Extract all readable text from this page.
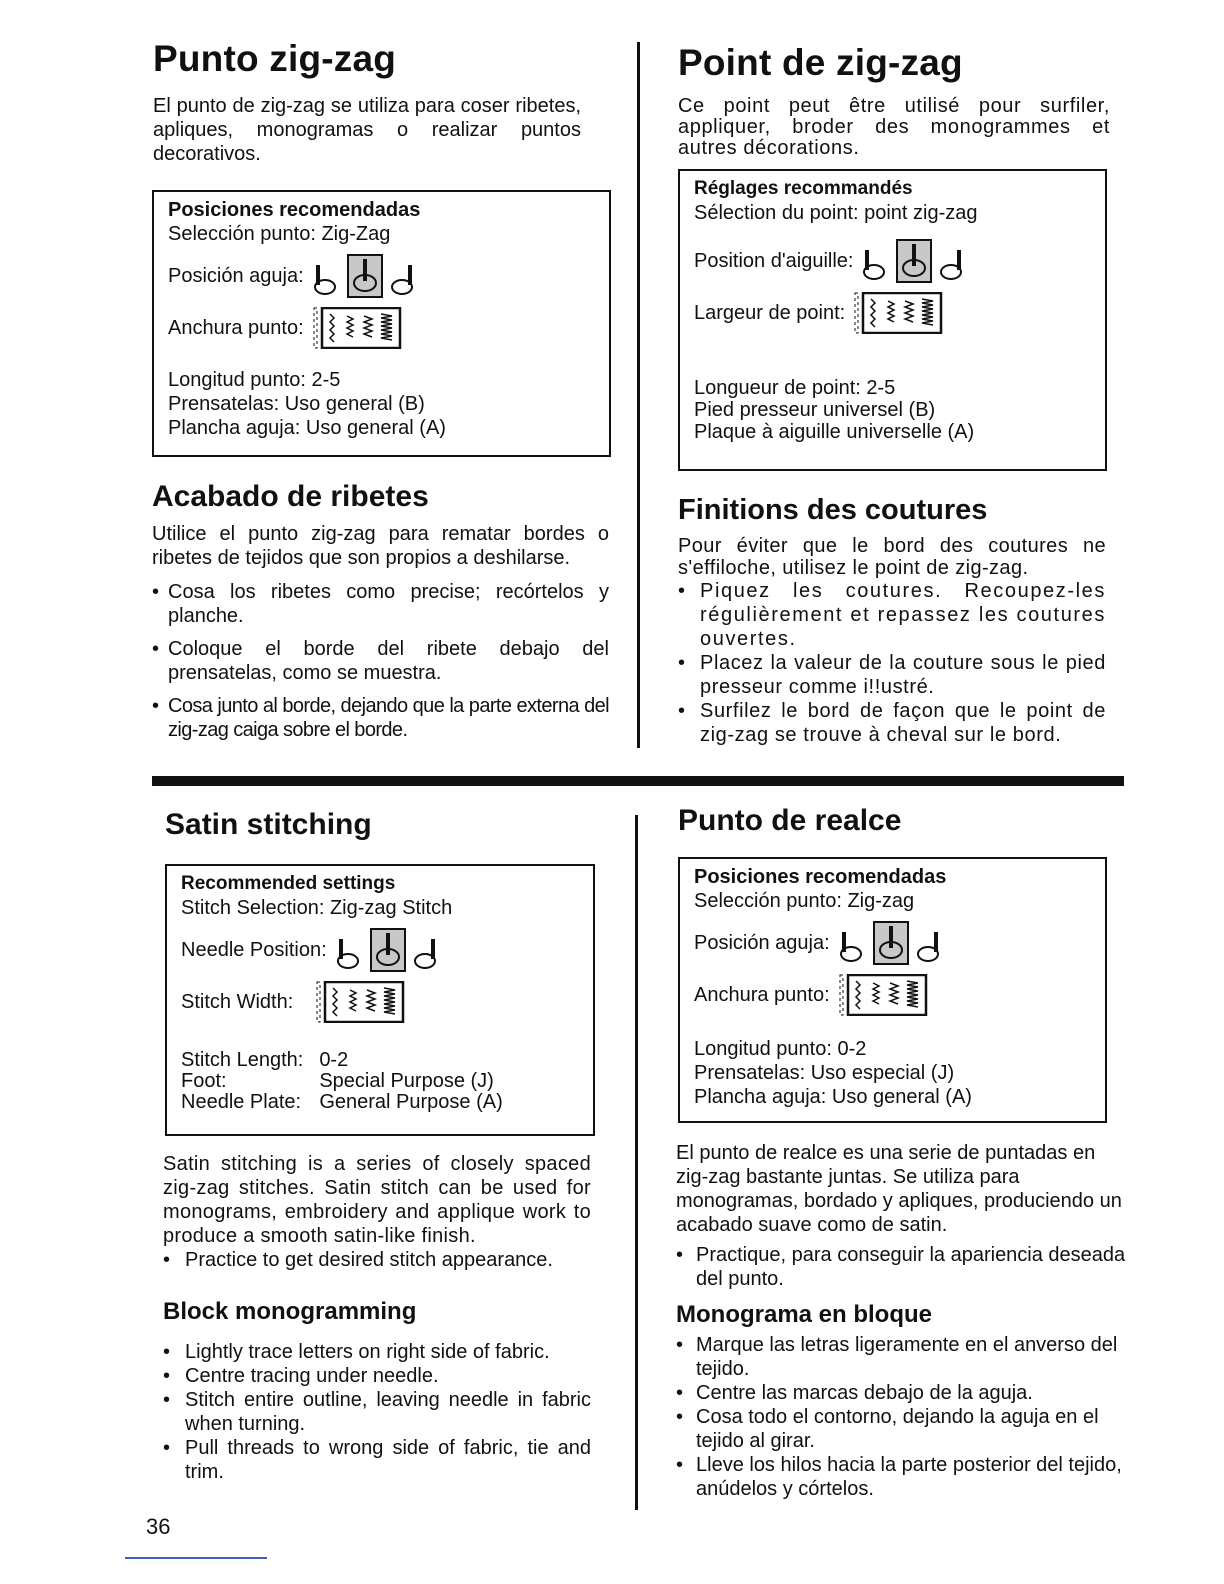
Punto zig-zag

El punto de zig-zag se utiliza para coser ribetes, apliques, monogramas o realizar puntos decorativos.

Posiciones recomendadas
Selección punto: Zig-Zag
Posición aguja:
Anchura punto:
Longitud punto: 2-5
Prensatelas: Uso general (B)
Plancha aguja: Uso general (A)
Acabado de ribetes

Utilice el punto zig-zag para rematar bordes o ribetes de tejidos que son propios a deshilarse.

• Cosa los ribetes como precise; recórtelos y planche.
• Coloque el borde del ribete debajo del prensatelas, como se muestra.
• Cosa junto al borde, dejando que la parte externa del zig-zag caiga sobre el borde.
Point de zig-zag

Ce point peut être utilisé pour surfiler, appliquer, broder des monogrammes et autres décorations.

Réglages recommandés
Sélection du point: point zig-zag
Position d'aiguille:
Largeur de point:
Longueur de point: 2-5
Pied presseur universel (B)
Plaque à aiguille universelle (A)
Finitions des coutures

Pour éviter que le bord des coutures ne s'effiloche, utilisez le point de zig-zag.

• Piquez les coutures. Recoupez-les régulièrement et repassez les coutures ouvertes.
• Placez la valeur de la couture sous le pied presseur comme i!!ustré.
• Surfilez le bord de façon que le point de zig-zag se trouve à cheval sur le bord.
Satin stitching
Recommended settings
Stitch Selection: Zig-zag Stitch
Needle Position:
Stitch Width:
Stitch Length:	0-2
Foot:	Special Purpose (J)
Needle Plate:	General Purpose (A)

Satin stitching is a series of closely spaced zig-zag stitches. Satin stitch can be used for monograms, embroidery and applique work to produce a smooth satin-like finish.

• Practice to get desired stitch appearance.
Block monogramming
• Lightly trace letters on right side of fabric.
• Centre tracing under needle.
• Stitch entire outline, leaving needle in fabric when turning.
• Pull threads to wrong side of fabric, tie and trim.
Punto de realce
Posiciones recomendadas
Selección punto: Zig-zag
Posición aguja:
Anchura punto:
Longitud punto: 0-2
Prensatelas: Uso especial (J)
Plancha aguja: Uso general (A)

El punto de realce es una serie de puntadas en zig-zag bastante juntas. Se utiliza para monogramas, bordado y apliques, produciendo un acabado suave como de satin.

• Practique, para conseguir la apariencia deseada del punto.
Monograma en bloque
• Marque las letras ligeramente en el anverso del tejido.
• Centre las marcas debajo de la aguja.
• Cosa todo el contorno, dejando la aguja en el tejido al girar.
• Lleve los hilos hacia la parte posterior del tejido, anúdelos y córtelos.
36
